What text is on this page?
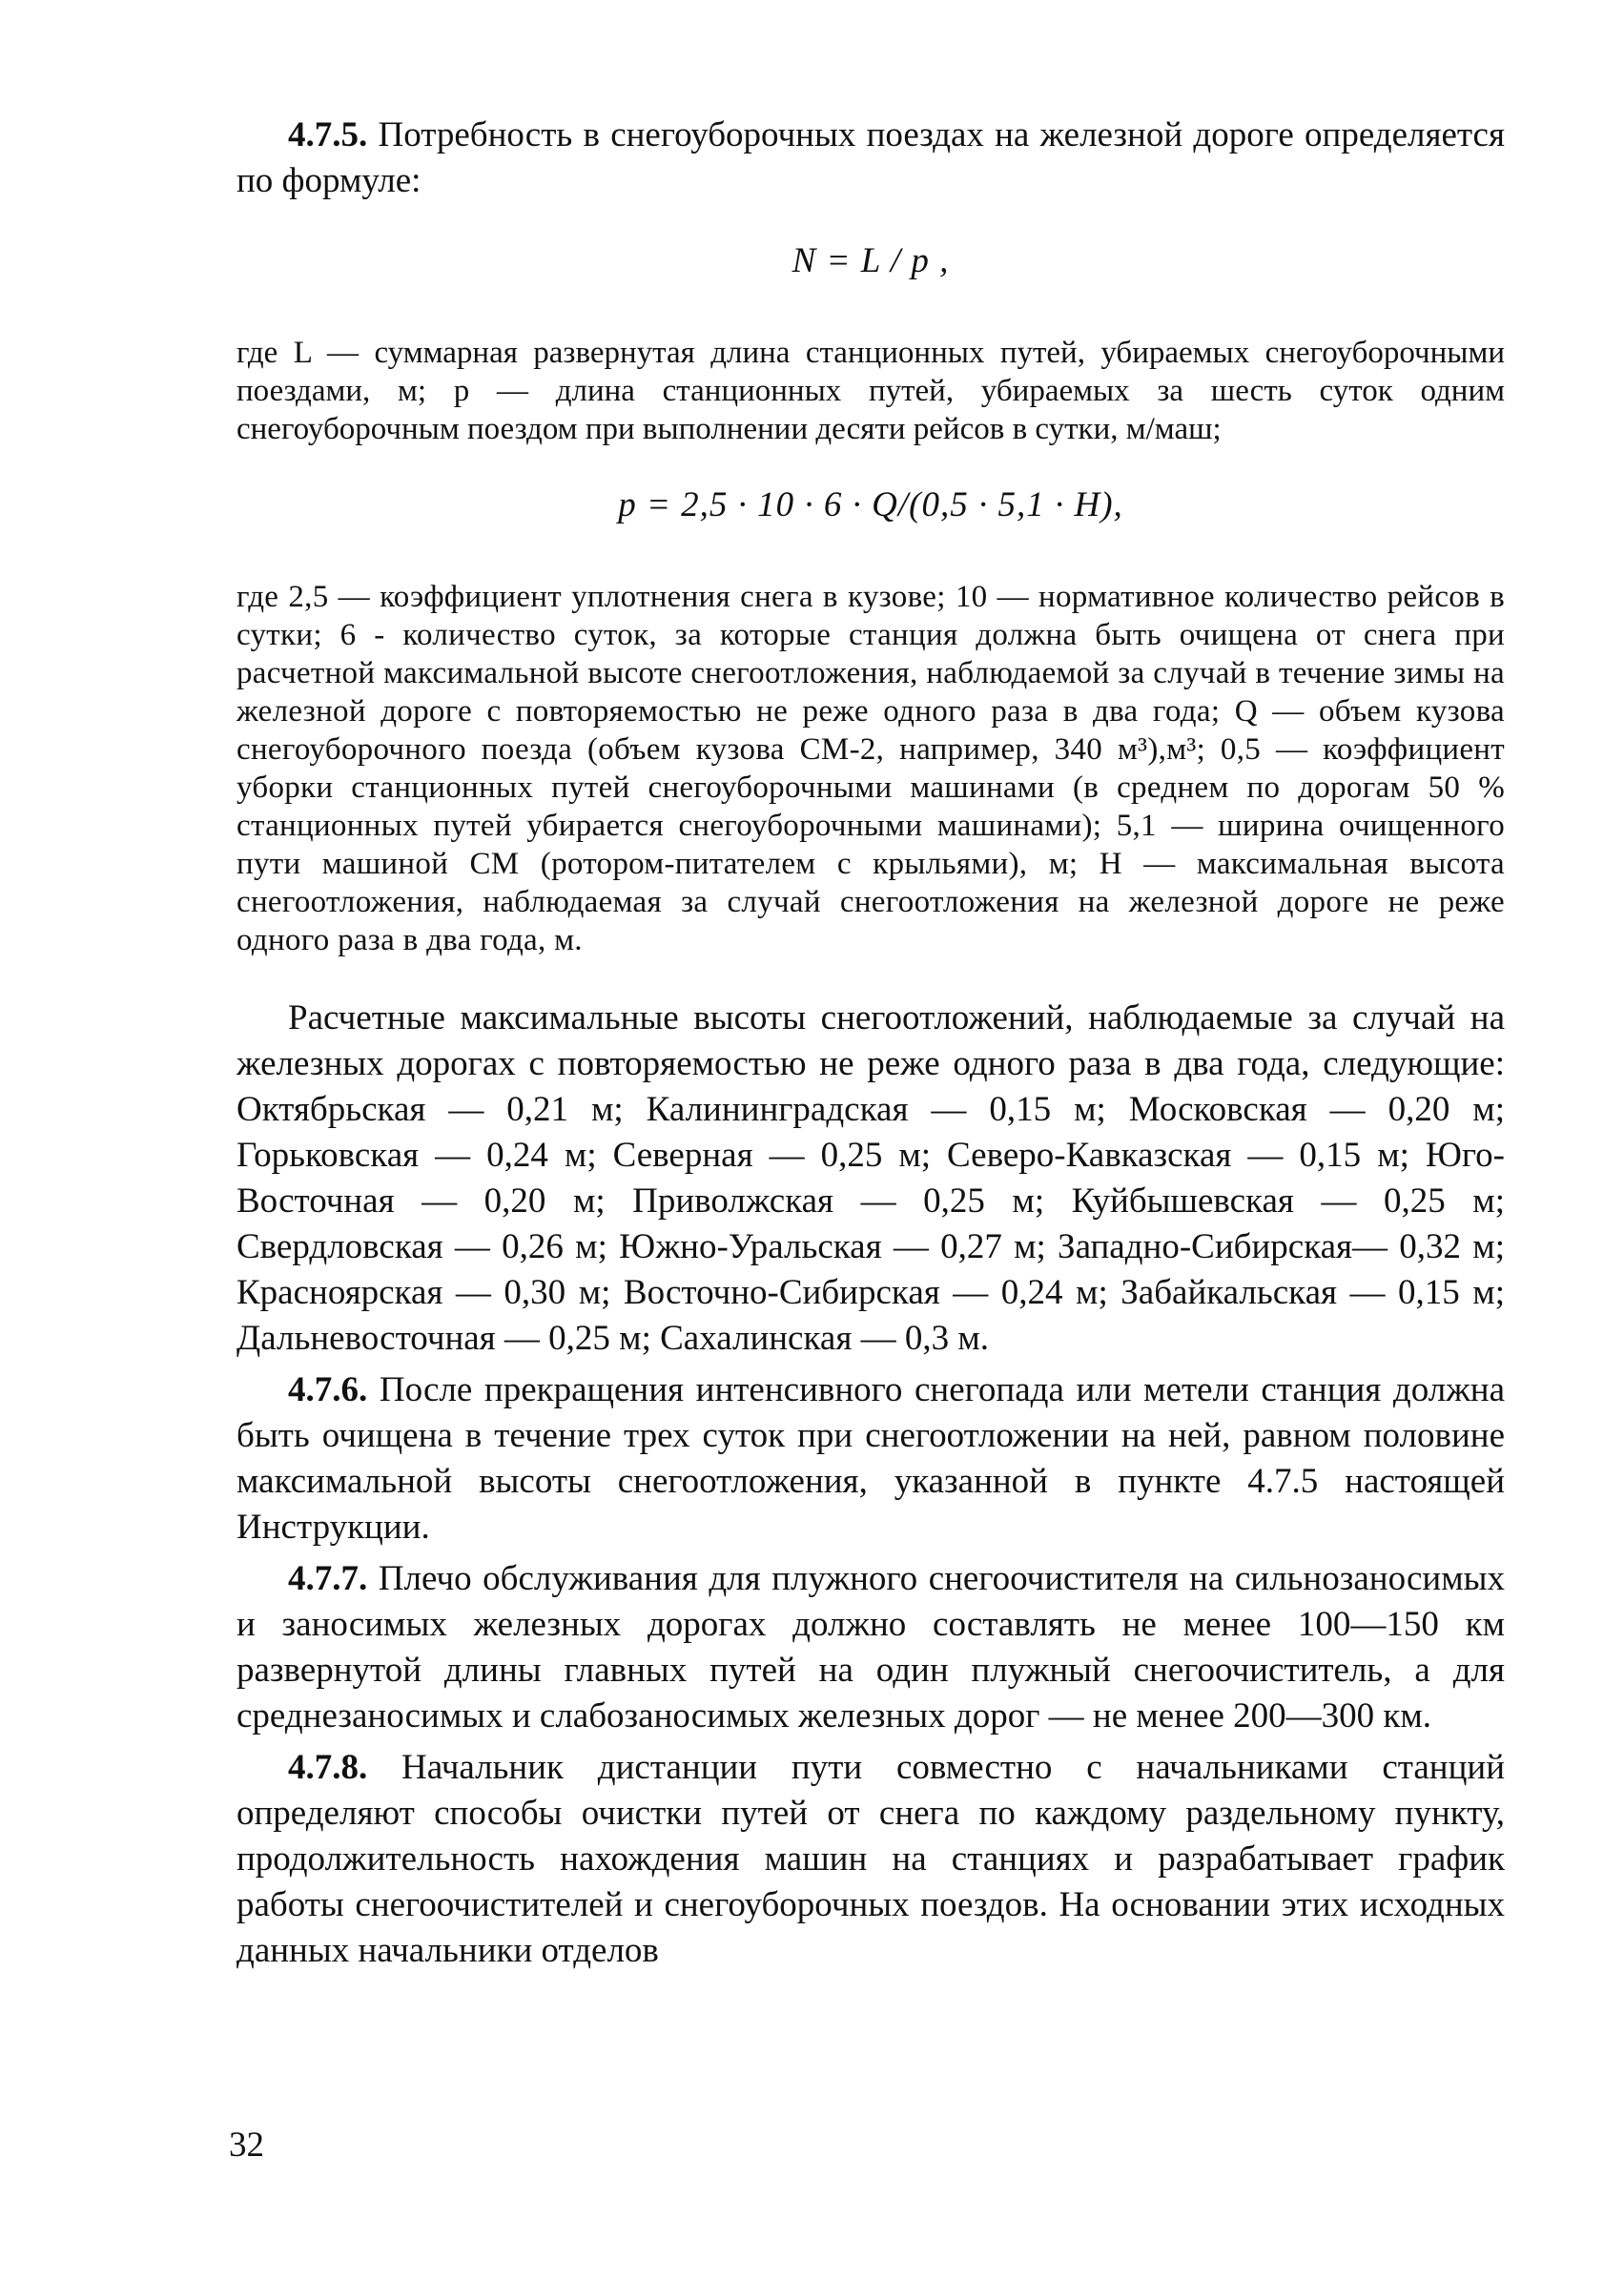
4.7.5. Потребность в снегоуборочных поездах на железной дороге определяется по формуле:

N = L / p ,

где L — суммарная развернутая длина станционных путей, убираемых снегоуборочными поездами, м; p — длина станционных путей, убираемых за шесть суток одним снегоуборочным поездом при выполнении десяти рейсов в сутки, м/маш;

p = 2,5 · 10 · 6 · Q/(0,5 · 5,1 · H),

где 2,5 — коэффициент уплотнения снега в кузове; 10 — нормативное количество рейсов в сутки; 6 - количество суток, за которые станция должна быть очищена от снега при расчетной максимальной высоте снегоотложения, наблюдаемой за случай в течение зимы на железной дороге с повторяемостью не реже одного раза в два года; Q — объем кузова снегоуборочного поезда (объем кузова СМ-2, например, 340 м³),м³; 0,5 — коэффициент уборки станционных путей снегоуборочными машинами (в среднем по дорогам 50 % станционных путей убирается снегоуборочными машинами); 5,1 — ширина очищенного пути машиной СМ (ротором-питателем с крыльями), м; H — максимальная высота снегоотложения, наблюдаемая за случай снегоотложения на железной дороге не реже одного раза в два года, м.

Расчетные максимальные высоты снегоотложений, наблюдаемые за случай на железных дорогах с повторяемостью не реже одного раза в два года, следующие: Октябрьская — 0,21 м; Калининградская — 0,15 м; Московская — 0,20 м; Горьковская — 0,24 м; Северная — 0,25 м; Северо-Кавказская — 0,15 м; Юго-Восточная — 0,20 м; Приволжская — 0,25 м; Куйбышевская — 0,25 м; Свердловская — 0,26 м; Южно-Уральская — 0,27 м; Западно-Сибирская— 0,32 м; Красноярская — 0,30 м; Восточно-Сибирская — 0,24 м; Забайкальская — 0,15 м; Дальневосточная — 0,25 м; Сахалинская — 0,3 м.

4.7.6. После прекращения интенсивного снегопада или метели станция должна быть очищена в течение трех суток при снегоотложении на ней, равном половине максимальной высоты снегоотложения, указанной в пункте 4.7.5 настоящей Инструкции.

4.7.7. Плечо обслуживания для плужного снегоочистителя на сильнозаносимых и заносимых железных дорогах должно составлять не менее 100—150 км развернутой длины главных путей на один плужный снегоочиститель, а для среднезаносимых и слабозаносимых железных дорог — не менее 200—300 км.

4.7.8. Начальник дистанции пути совместно с начальниками станций определяют способы очистки путей от снега по каждому раздельному пункту, продолжительность нахождения машин на станциях и разрабатывает график работы снегоочистителей и снегоуборочных поездов. На основании этих исходных данных начальники отделов

32
